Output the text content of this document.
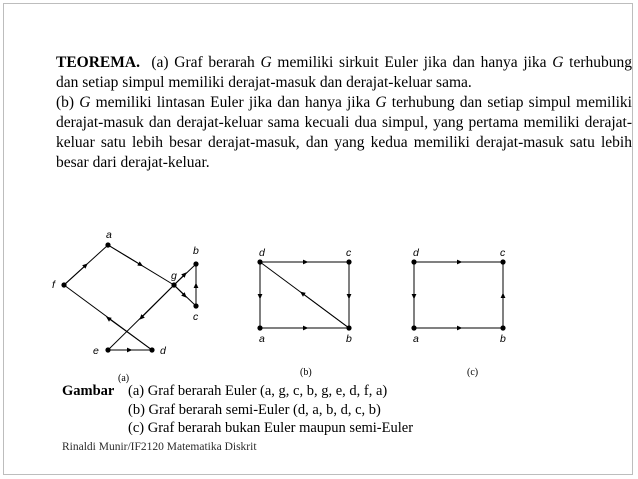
TEOREMA. (a) Graf berarah G memiliki sirkuit Euler jika dan hanya jika G terhubung dan setiap simpul memiliki derajat-masuk dan derajat-keluar sama.

(b) G memiliki lintasan Euler jika dan hanya jika G terhubung dan setiap simpul memiliki derajat-masuk dan derajat-keluar sama kecuali dua simpul, yang pertama memiliki derajat-keluar satu lebih besar derajat-masuk, dan yang kedua memiliki derajat-masuk satu lebih besar dari derajat-keluar.

a
b
c
d
e
f
g
(a)
d	c
a	b
(b)
d	c
a	b
(c)
Gambar (a) Graf berarah Euler (a, g, c, b, g, e, d, f, a)
(b) Graf berarah semi-Euler (d, a, b, d, c, b)
(c) Graf berarah bukan Euler maupun semi-Euler
Rinaldi Munir/IF2120 Matematika Diskrit
